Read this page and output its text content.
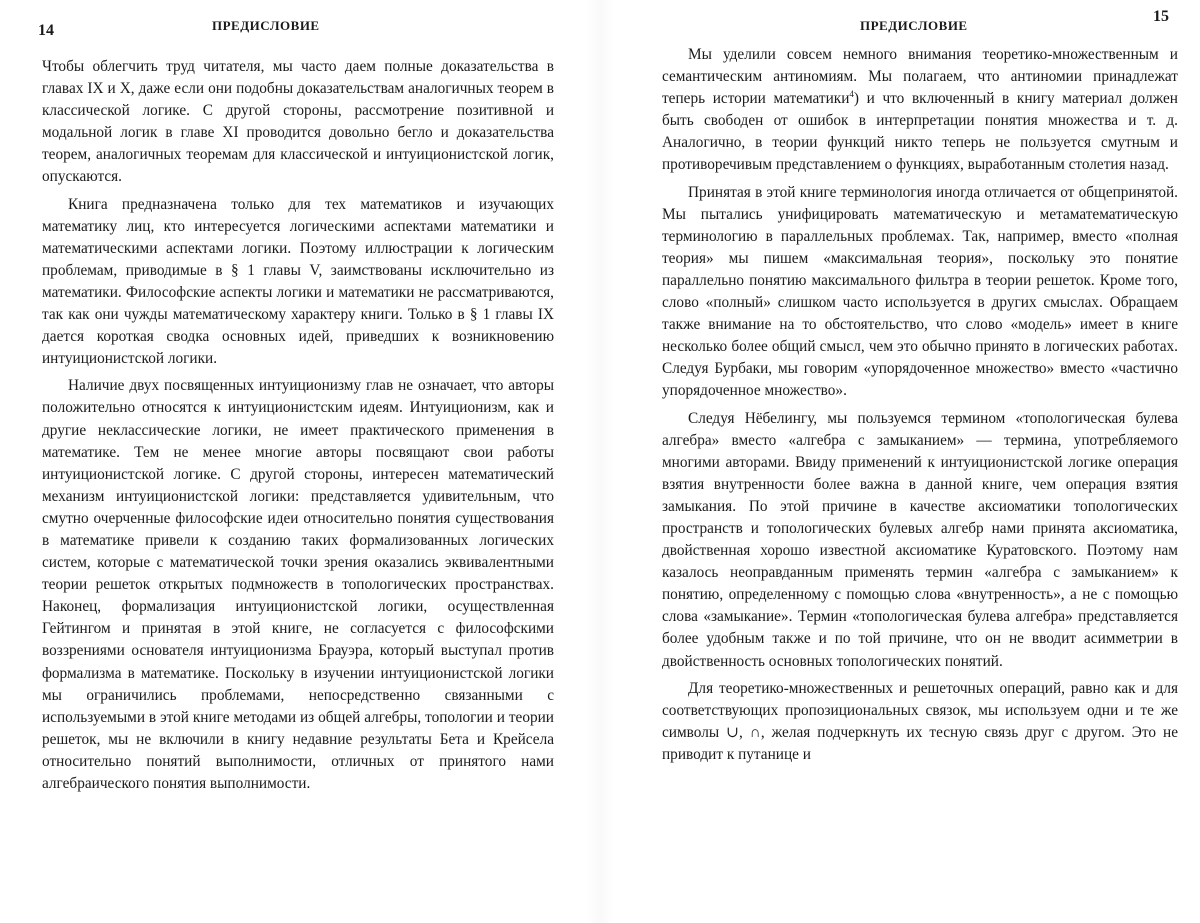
14	ПРЕДИСЛОВИЕ

Чтобы облегчить труд читателя, мы часто даем полные доказательства в главах IX и X, даже если они подобны доказательствам аналогичных теорем в классической логике. С другой стороны, рассмотрение позитивной и модальной логик в главе XI проводится довольно бегло и доказательства теорем, аналогичных теоремам для классической и интуиционистской логик, опускаются.

Книга предназначена только для тех математиков и изучающих математику лиц, кто интересуется логическими аспектами математики и математическими аспектами логики. Поэтому иллюстрации к логическим проблемам, приводимые в § 1 главы V, заимствованы исключительно из математики. Философские аспекты логики и математики не рассматриваются, так как они чужды математическому характеру книги. Только в § 1 главы IX дается короткая сводка основных идей, приведших к возникновению интуиционистской логики.

Наличие двух посвященных интуиционизму глав не означает, что авторы положительно относятся к интуиционистским идеям. Интуиционизм, как и другие неклассические логики, не имеет практического применения в математике. Тем не менее многие авторы посвящают свои работы интуиционистской логике. С другой стороны, интересен математический механизм интуиционистской логики: представляется удивительным, что смутно очерченные философские идеи относительно понятия существования в математике привели к созданию таких формализованных логических систем, которые с математической точки зрения оказались эквивалентными теории решеток открытых подмножеств в топологических пространствах. Наконец, формализация интуиционистской логики, осуществленная Гейтингом и принятая в этой книге, не согласуется с философскими воззрениями основателя интуиционизма Брауэра, который выступал против формализма в математике. Поскольку в изучении интуиционистской логики мы ограничились проблемами, непосредственно связанными с используемыми в этой книге методами из общей алгебры, топологии и теории решеток, мы не включили в книгу недавние результаты Бета и Крейсела относительно понятий выполнимости, отличных от принятого нами алгебраического понятия выполнимости.

ПРЕДИСЛОВИЕ
15

Мы уделили совсем немного внимания теоретико-множественным и семантическим антиномиям. Мы полагаем, что антиномии принадлежат теперь истории математики$^4$) и что включенный в книгу материал должен быть свободен от ошибок в интерпретации понятия множества и т. д. Аналогично, в теории функций никто теперь не пользуется смутным и противоречивым представлением о функциях, выработанным столетия назад.

Принятая в этой книге терминология иногда отличается от общепринятой. Мы пытались унифицировать математическую и метаматематическую терминологию в параллельных проблемах. Так, например, вместо «полная теория» мы пишем «максимальная теория», поскольку это понятие параллельно понятию максимального фильтра в теории решеток. Кроме того, слово «полный» слишком часто используется в других смыслах. Обращаем также внимание на то обстоятельство, что слово «модель» имеет в книге несколько более общий смысл, чем это обычно принято в логических работах. Следуя Бурбаки, мы говорим «упорядоченное множество» вместо «частично упорядоченное множество».

Следуя Нёбелингу, мы пользуемся термином «топологическая булева алгебра» вместо «алгебра с замыканием» — термина, употребляемого многими авторами. Ввиду применений к интуиционистской логике операция взятия внутренности более важна в данной книге, чем операция взятия замыкания. По этой причине в качестве аксиоматики топологических пространств и топологических булевых алгебр нами принята аксиоматика, двойственная хорошо известной аксиоматике Куратовского. Поэтому нам казалось неоправданным применять термин «алгебра с замыканием» к понятию, определенному с помощью слова «внутренность», а не с помощью слова «замыкание». Термин «топологическая булева алгебра» представляется более удобным также и по той причине, что он не вводит асимметрии в двойственность основных топологических понятий.

Для теоретико-множественных и решеточных операций, равно как и для соответствующих пропозициональных связок, мы используем одни и те же символы ∪, ∩, желая подчеркнуть их тесную связь друг с другом. Это не приводит к путанице и
